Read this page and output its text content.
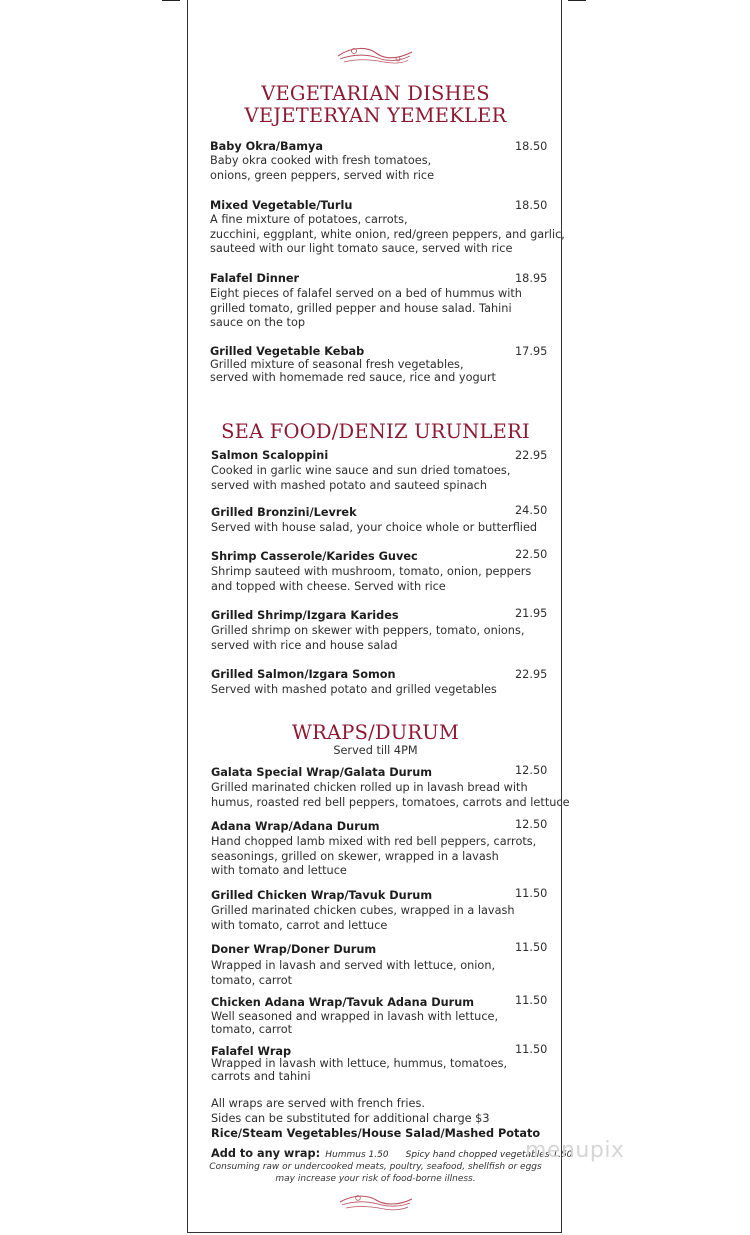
VEGETARIAN DISHES
VEJETERYAN YEMEKLER
Baby Okra/Bamya	18.50
Baby okra cooked with fresh tomatoes,
onions, green peppers, served with rice
Mixed Vegetable/Turlu	18.50
A fine mixture of potatoes, carrots,
zucchini, eggplant, white onion, red/green peppers, and garlic,
sauteed with our light tomato sauce, served with rice
Falafel Dinner	18.95
Eight pieces of falafel served on a bed of hummus with
grilled tomato, grilled pepper and house salad. Tahini
sauce on the top
Grilled Vegetable Kebab	17.95
Grilled mixture of seasonal fresh vegetables,
served with homemade red sauce, rice and yogurt
SEA FOOD/DENIZ URUNLERI
Salmon Scaloppini	22.95
Cooked in garlic wine sauce and sun dried tomatoes,
served with mashed potato and sauteed spinach
Grilled Bronzini/Levrek	24.50
Served with house salad, your choice whole or butterflied
Shrimp Casserole/Karides Guvec	22.50
Shrimp sauteed with mushroom, tomato, onion, peppers
and topped with cheese. Served with rice
Grilled Shrimp/Izgara Karides	21.95
Grilled shrimp on skewer with peppers, tomato, onions,
served with rice and house salad
Grilled Salmon/Izgara Somon	22.95
Served with mashed potato and grilled vegetables
WRAPS/DURUM
Served till 4PM
Galata Special Wrap/Galata Durum	12.50
Grilled marinated chicken rolled up in lavash bread with
humus, roasted red bell peppers, tomatoes, carrots and lettuce
Adana Wrap/Adana Durum	12.50
Hand chopped lamb mixed with red bell peppers, carrots,
seasonings, grilled on skewer, wrapped in a lavash
with tomato and lettuce
Grilled Chicken Wrap/Tavuk Durum	11.50
Grilled marinated chicken cubes, wrapped in a lavash
with tomato, carrot and lettuce
Doner Wrap/Doner Durum	11.50
Wrapped in lavash and served with lettuce, onion,
tomato, carrot
Chicken Adana Wrap/Tavuk Adana Durum	11.50
Well seasoned and wrapped in lavash with lettuce,
tomato, carrot
Falafel Wrap	11.50
Wrapped in lavash with lettuce, hummus, tomatoes,
carrots and tahini
All wraps are served with french fries.
Sides can be substituted for additional charge $3
Rice/Steam Vegetables/House Salad/Mashed Potato
Add to any wrap: Hummus 1.50 Spicy hand chopped vegetables 1.50
Consuming raw or undercooked meats, poultry, seafood, shellfish or eggs
may increase your risk of food-borne illness.
menupix
